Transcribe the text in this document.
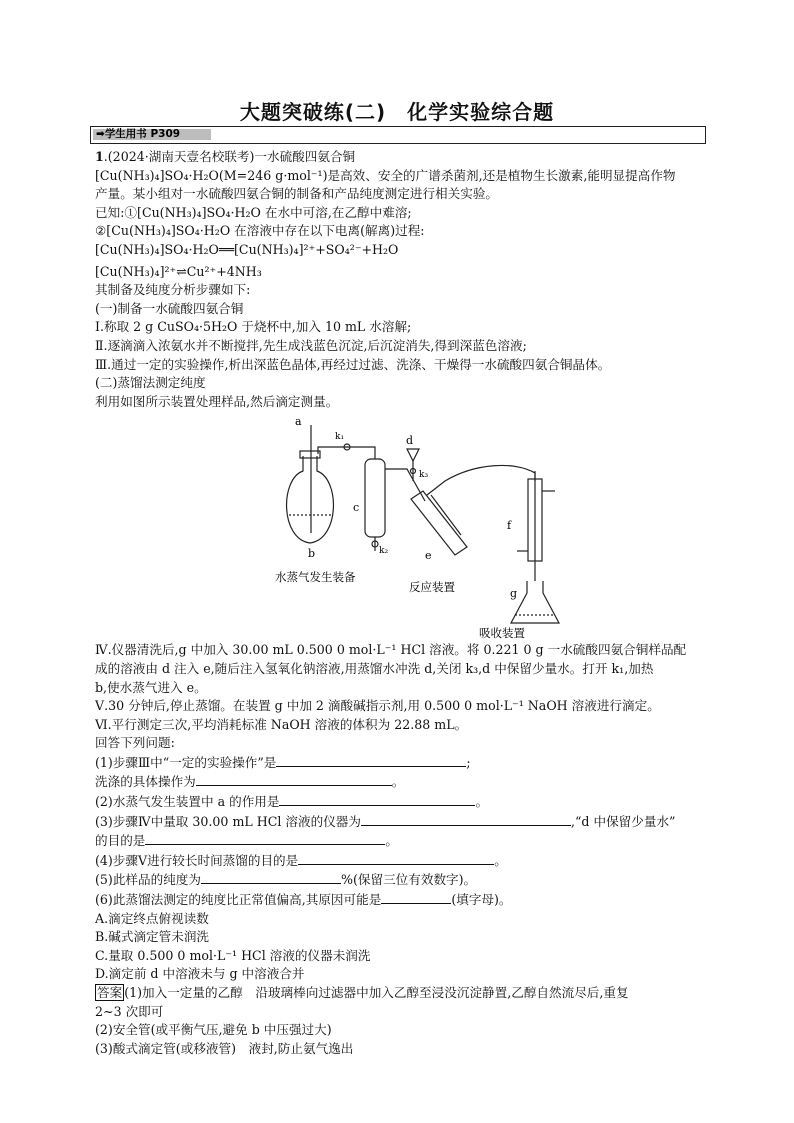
大题突破练(二)　化学实验综合题
➡学生用书 P309
1.(2024·湖南天壹名校联考)一水硫酸四氨合铜
[Cu(NH₃)₄]SO₄·H₂O(M=246 g·mol⁻¹)是高效、安全的广谱杀菌剂,还是植物生长激素,能明显提高作物
产量。某小组对一水硫酸四氨合铜的制备和产品纯度测定进行相关实验。
已知:①[Cu(NH₃)₄]SO₄·H₂O 在水中可溶,在乙醇中难溶;
②[Cu(NH₃)₄]SO₄·H₂O 在溶液中存在以下电离(解离)过程:
[Cu(NH₃)₄]SO₄·H₂O══[Cu(NH₃)₄]²⁺+SO₄²⁻+H₂O
[Cu(NH₃)₄]²⁺⇌Cu²⁺+4NH₃
其制备及纯度分析步骤如下:
(一)制备一水硫酸四氨合铜
Ⅰ.称取 2 g CuSO₄·5H₂O 于烧杯中,加入 10 mL 水溶解;
Ⅱ.逐滴滴入浓氨水并不断搅拌,先生成浅蓝色沉淀,后沉淀消失,得到深蓝色溶液;
Ⅲ.通过一定的实验操作,析出深蓝色晶体,再经过过滤、洗涤、干燥得一水硫酸四氨合铜晶体。
(二)蒸馏法测定纯度
利用如图所示装置处理样品,然后滴定测量。
a
b
c
d
e
f
g
k₁
k₂
k₃
水蒸气发生装备
反应装置
吸收装置
Ⅳ.仪器清洗后,g 中加入 30.00 mL 0.500 0 mol·L⁻¹ HCl 溶液。将 0.221 0 g 一水硫酸四氨合铜样品配
成的溶液由 d 注入 e,随后注入氢氧化钠溶液,用蒸馏水冲洗 d,关闭 k₃,d 中保留少量水。打开 k₁,加热
b,使水蒸气进入 e。
Ⅴ.30 分钟后,停止蒸馏。在装置 g 中加 2 滴酸碱指示剂,用 0.500 0 mol·L⁻¹ NaOH 溶液进行滴定。
Ⅵ.平行测定三次,平均消耗标准 NaOH 溶液的体积为 22.88 mL。
回答下列问题:
(1)步骤Ⅲ中“一定的实验操作”是	;
洗涤的具体操作为	。
(2)水蒸气发生装置中 a 的作用是	。
(3)步骤Ⅳ中量取 30.00 mL HCl 溶液的仪器为	,“d 中保留少量水”
的目的是	。
(4)步骤Ⅴ进行较长时间蒸馏的目的是	。
(5)此样品的纯度为	%(保留三位有效数字)。
(6)此蒸馏法测定的纯度比正常值偏高,其原因可能是	(填字母)。
A.滴定终点俯视读数
B.碱式滴定管未润洗
C.量取 0.500 0 mol·L⁻¹ HCl 溶液的仪器未润洗
D.滴定前 d 中溶液未与 g 中溶液合并
答案 (1)加入一定量的乙醇　沿玻璃棒向过滤器中加入乙醇至浸没沉淀静置,乙醇自然流尽后,重复
2~3 次即可
(2)安全管(或平衡气压,避免 b 中压强过大)
(3)酸式滴定管(或移液管)　液封,防止氨气逸出
